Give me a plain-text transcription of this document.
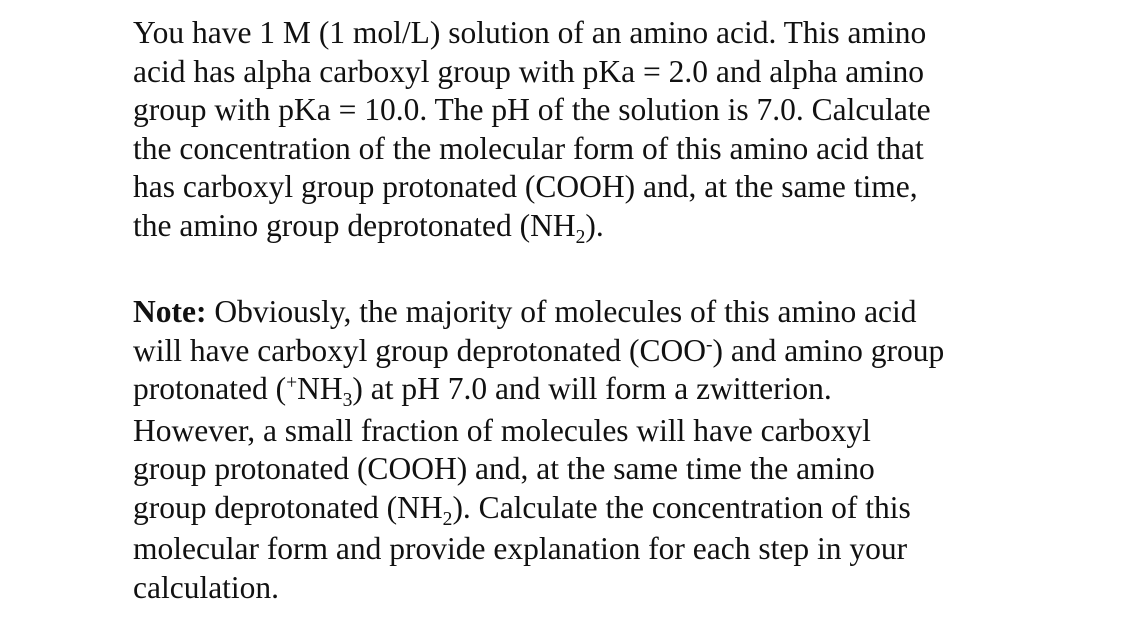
You have 1 M (1 mol/L) solution of an amino acid. This amino
acid has alpha carboxyl group with pKa = 2.0 and alpha amino
group with pKa = 10.0. The pH of the solution is 7.0. Calculate
the concentration of the molecular form of this amino acid that
has carboxyl group protonated (COOH) and, at the same time,
the amino group deprotonated $(NH_2)$.

Note: Obviously, the majority of molecules of this amino acid
will have carboxyl group deprotonated (COO-) and amino group
protonated $(^+NH_3)$ at pH 7.0 and will form a zwitterion.
However, a small fraction of molecules will have carboxyl
group protonated (COOH) and, at the same time the amino
group deprotonated $(NH_2)$. Calculate the concentration of this
molecular form and provide explanation for each step in your
calculation.
